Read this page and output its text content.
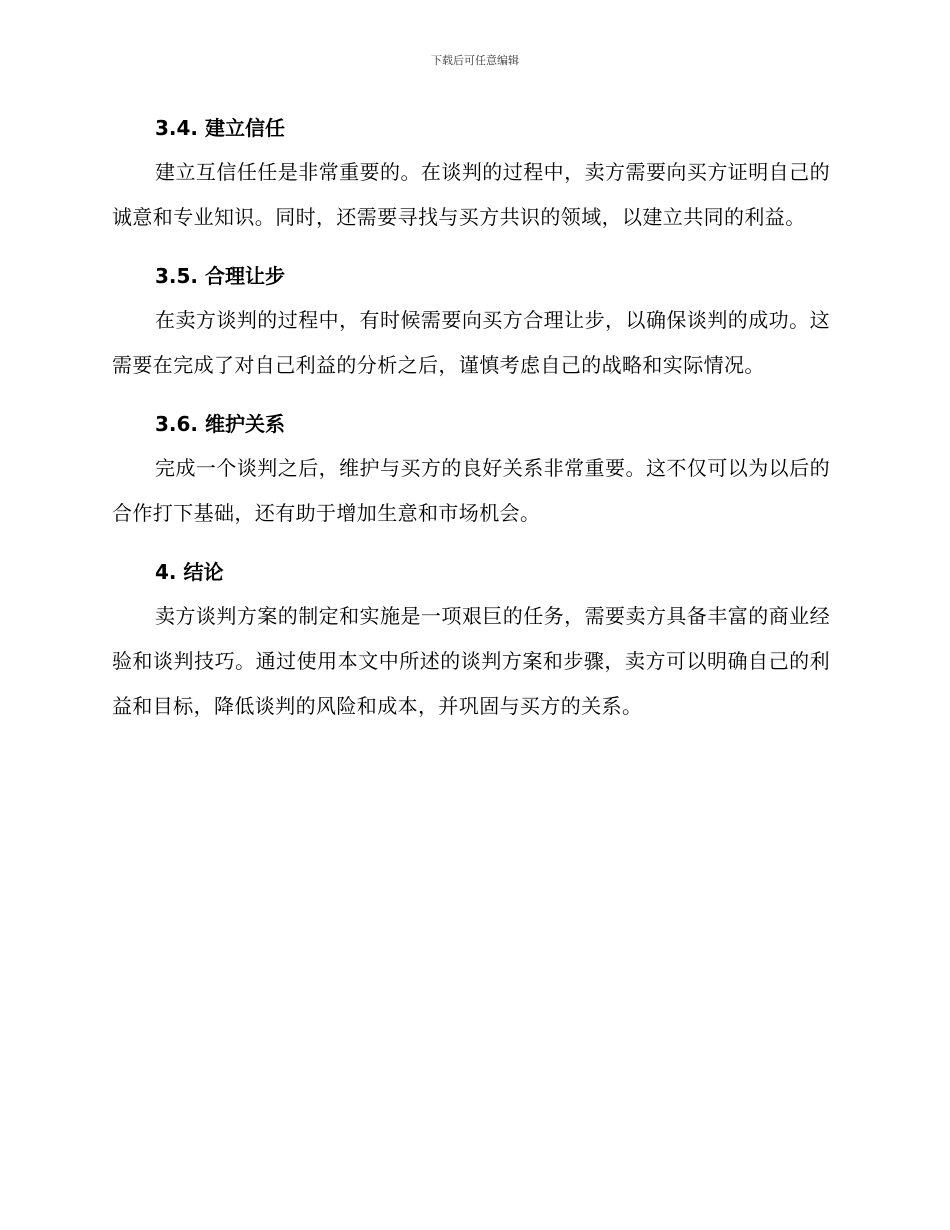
下载后可任意编辑
3.4. 建立信任

建立互信任任是非常重要的。在谈判的过程中，卖方需要向买方证明自己的诚意和专业知识。同时，还需要寻找与买方共识的领域，以建立共同的利益。

3.5. 合理让步

在卖方谈判的过程中，有时候需要向买方合理让步，以确保谈判的成功。这需要在完成了对自己利益的分析之后，谨慎考虑自己的战略和实际情况。

3.6. 维护关系

完成一个谈判之后，维护与买方的良好关系非常重要。这不仅可以为以后的合作打下基础，还有助于增加生意和市场机会。

4. 结论

卖方谈判方案的制定和实施是一项艰巨的任务，需要卖方具备丰富的商业经验和谈判技巧。通过使用本文中所述的谈判方案和步骤，卖方可以明确自己的利益和目标，降低谈判的风险和成本，并巩固与买方的关系。
